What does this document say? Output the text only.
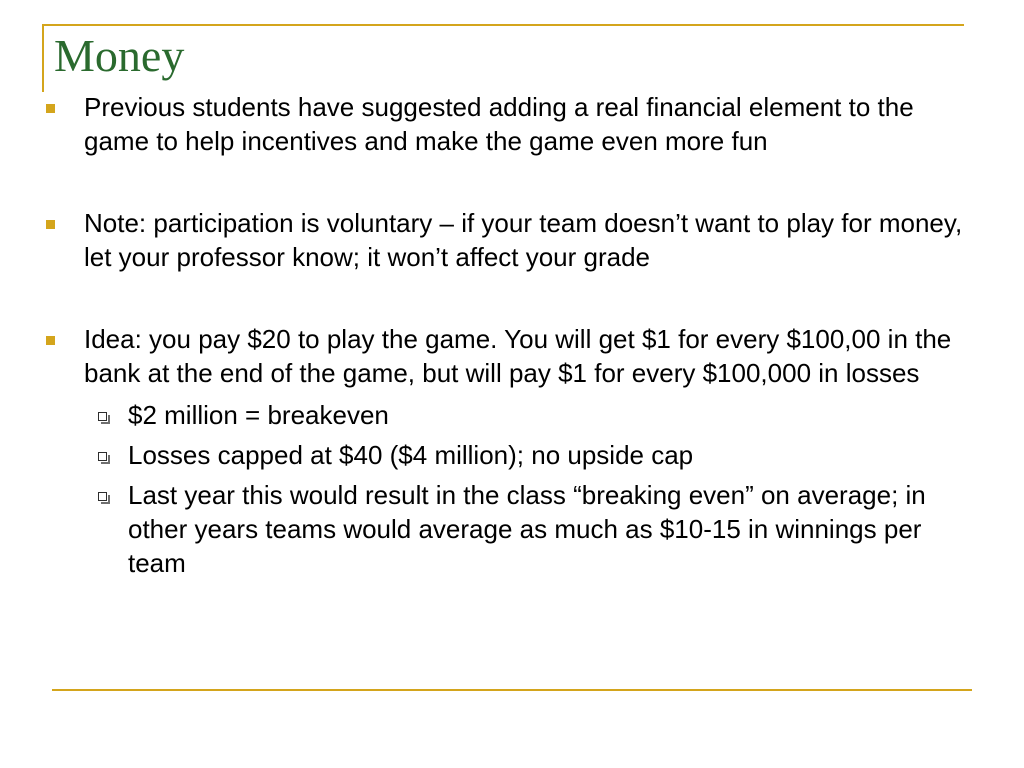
Money
Previous students have suggested adding a real financial element to the game to help incentives and make the game even more fun
Note: participation is voluntary – if your team doesn’t want to play for money, let your professor know; it won’t affect your grade
Idea: you pay $20 to play the game. You will get $1 for every $100,00 in the bank at the end of the game, but will pay $1 for every $100,000 in losses
$2 million = breakeven
Losses capped at $40 ($4 million); no upside cap
Last year this would result in the class “breaking even” on average; in other years teams would average as much as $10-15 in winnings per team
